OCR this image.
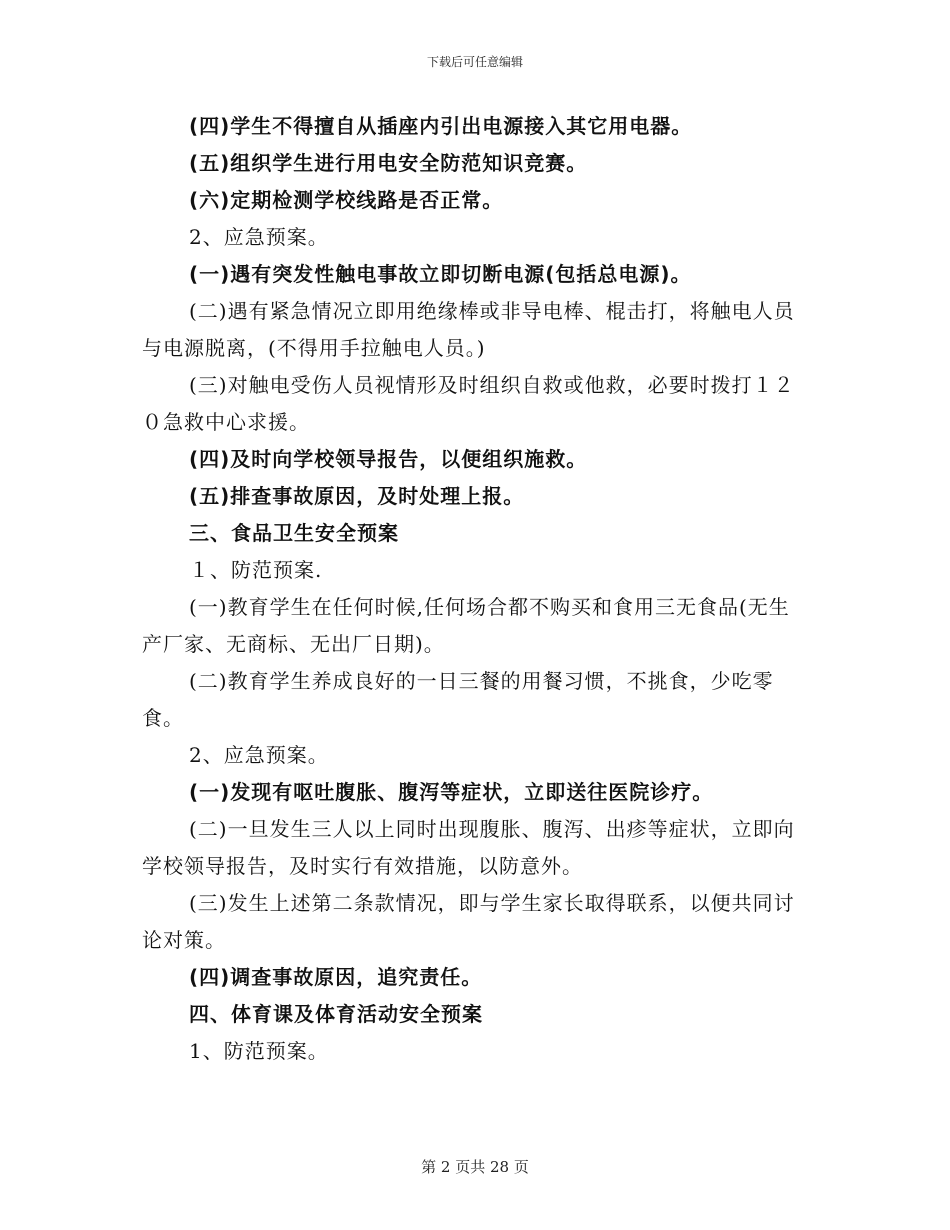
下载后可任意编辑

(四)学生不得擅自从插座内引出电源接入其它用电器。

(五)组织学生进行用电安全防范知识竞赛。

(六)定期检测学校线路是否正常。

2、应急预案。

(一)遇有突发性触电事故立即切断电源(包括总电源)。

(二)遇有紧急情况立即用绝缘棒或非导电棒、棍击打，将触电人员与电源脱离，(不得用手拉触电人员。)

(三)对触电受伤人员视情形及时组织自救或他救，必要时拨打１２０急救中心求援。

(四)及时向学校领导报告，以便组织施救。

(五)排查事故原因，及时处理上报。

三、食品卫生安全预案

１、防范预案.

(一)教育学生在任何时候,任何场合都不购买和食用三无食品(无生产厂家、无商标、无出厂日期)。

(二)教育学生养成良好的一日三餐的用餐习惯，不挑食，少吃零食。

2、应急预案。

(一)发现有呕吐腹胀、腹泻等症状，立即送往医院诊疗。

(二)一旦发生三人以上同时出现腹胀、腹泻、出疹等症状，立即向学校领导报告，及时实行有效措施，以防意外。

(三)发生上述第二条款情况，即与学生家长取得联系，以便共同讨论对策。

(四)调查事故原因，追究责任。

四、体育课及体育活动安全预案

1、防范预案。

第 2 页共 28 页
